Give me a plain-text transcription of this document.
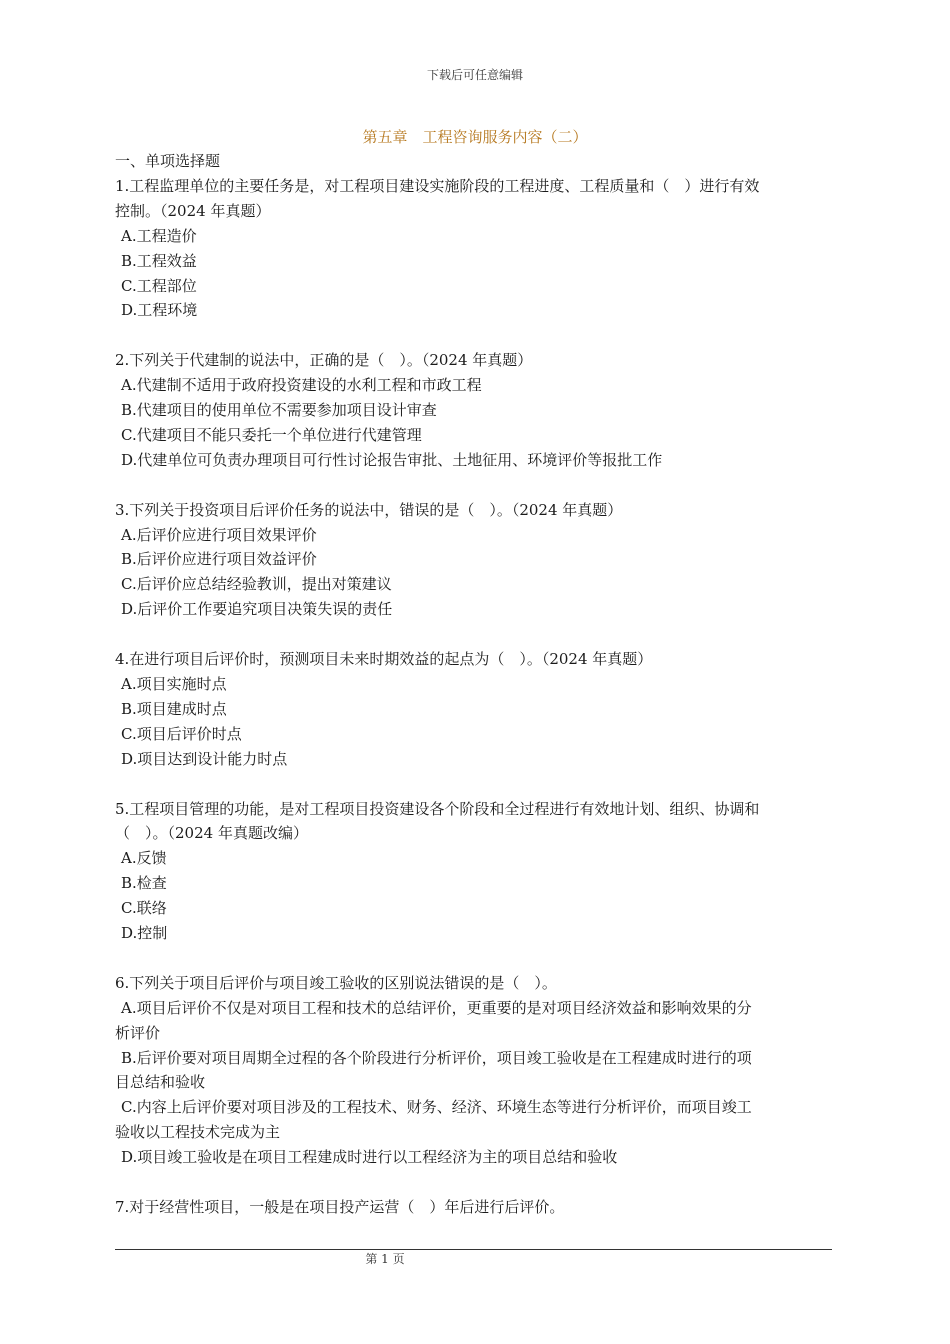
下载后可任意编辑
第五章　工程咨询服务内容（二）

一、单项选择题

1.工程监理单位的主要任务是，对工程项目建设实施阶段的工程进度、工程质量和（　）进行有效

控制。（2024 年真题）

A.工程造价

B.工程效益

C.工程部位

D.工程环境

2.下列关于代建制的说法中，正确的是（　）。（2024 年真题）

A.代建制不适用于政府投资建设的水利工程和市政工程

B.代建项目的使用单位不需要参加项目设计审查

C.代建项目不能只委托一个单位进行代建管理

D.代建单位可负责办理项目可行性讨论报告审批、土地征用、环境评价等报批工作

3.下列关于投资项目后评价任务的说法中，错误的是（　）。（2024 年真题）

A.后评价应进行项目效果评价

B.后评价应进行项目效益评价

C.后评价应总结经验教训，提出对策建议

D.后评价工作要追究项目决策失误的责任

4.在进行项目后评价时，预测项目未来时期效益的起点为（　）。（2024 年真题）

A.项目实施时点

B.项目建成时点

C.项目后评价时点

D.项目达到设计能力时点

5.工程项目管理的功能，是对工程项目投资建设各个阶段和全过程进行有效地计划、组织、协调和

（　）。（2024 年真题改编）

A.反馈

B.检查

C.联络

D.控制

6.下列关于项目后评价与项目竣工验收的区别说法错误的是（　）。

A.项目后评价不仅是对项目工程和技术的总结评价，更重要的是对项目经济效益和影响效果的分

析评价

B.后评价要对项目周期全过程的各个阶段进行分析评价，项目竣工验收是在工程建成时进行的项

目总结和验收

C.内容上后评价要对项目涉及的工程技术、财务、经济、环境生态等进行分析评价，而项目竣工

验收以工程技术完成为主

D.项目竣工验收是在项目工程建成时进行以工程经济为主的项目总结和验收

7.对于经营性项目，一般是在项目投产运营（　）年后进行后评价。

第 1 页
